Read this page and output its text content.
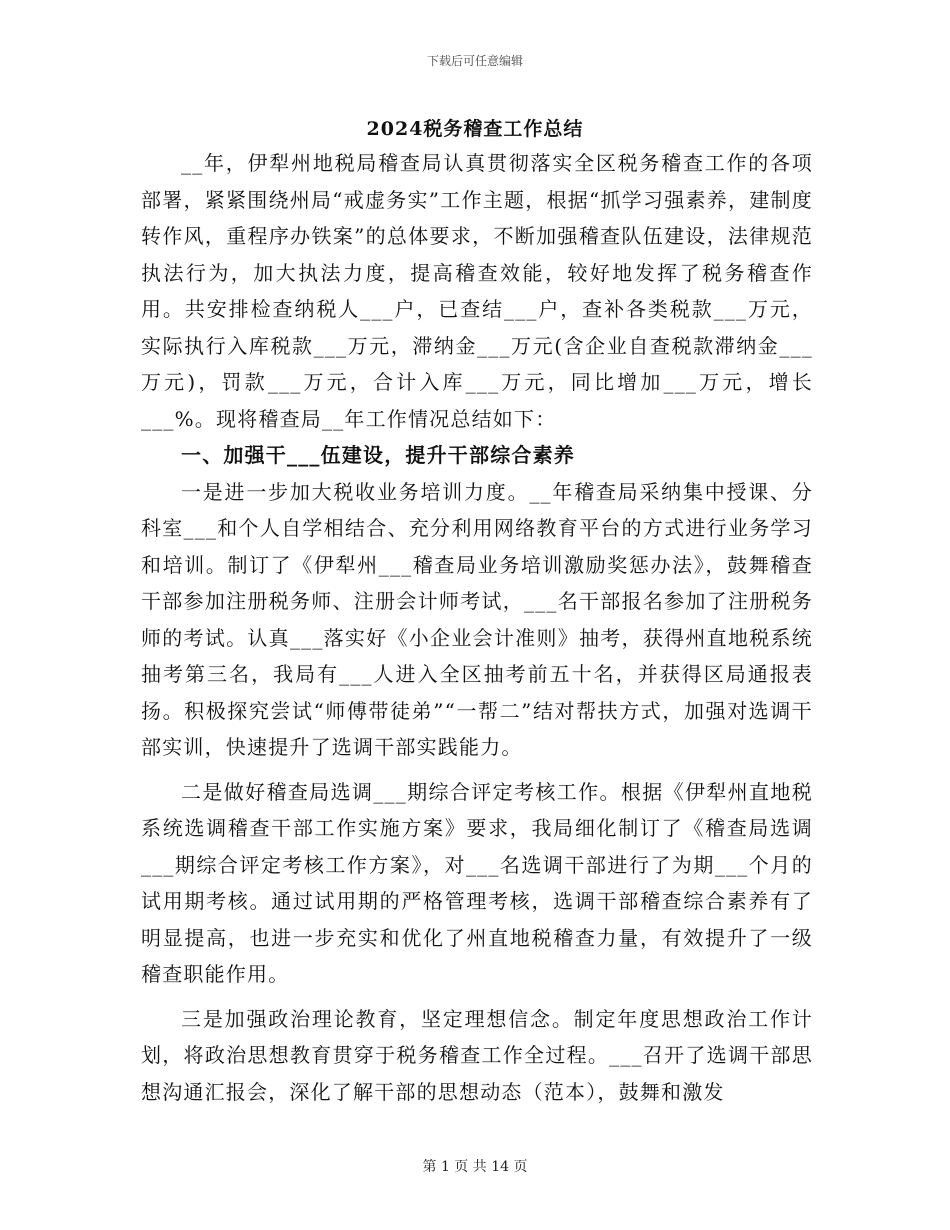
下载后可任意编辑
2024税务稽查工作总结

__年，伊犁州地税局稽查局认真贯彻落实全区税务稽查工作的各项部署，紧紧围绕州局“戒虚务实”工作主题，根据“抓学习强素养，建制度转作风，重程序办铁案”的总体要求，不断加强稽查队伍建设，法律规范执法行为，加大执法力度，提高稽查效能，较好地发挥了税务稽查作用。共安排检查纳税人___户，已查结___户，查补各类税款___万元，实际执行入库税款___万元，滞纳金___万元(含企业自查税款滞纳金___万元)，罚款___万元，合计入库___万元，同比增加___万元，增长___%。现将稽查局__年工作情况总结如下：

一、加强干___伍建设，提升干部综合素养

一是进一步加大税收业务培训力度。__年稽查局采纳集中授课、分科室___和个人自学相结合、充分利用网络教育平台的方式进行业务学习和培训。制订了《伊犁州___稽查局业务培训激励奖惩办法》，鼓舞稽查干部参加注册税务师、注册会计师考试，___名干部报名参加了注册税务师的考试。认真___落实好《小企业会计准则》抽考，获得州直地税系统抽考第三名，我局有___人进入全区抽考前五十名，并获得区局通报表扬。积极探究尝试“师傅带徒弟”“一帮二”结对帮扶方式，加强对选调干部实训，快速提升了选调干部实践能力。

二是做好稽查局选调___期综合评定考核工作。根据《伊犁州直地税系统选调稽查干部工作实施方案》要求，我局细化制订了《稽查局选调___期综合评定考核工作方案》，对___名选调干部进行了为期___个月的试用期考核。通过试用期的严格管理考核，选调干部稽查综合素养有了明显提高，也进一步充实和优化了州直地税稽查力量，有效提升了一级稽查职能作用。

三是加强政治理论教育，坚定理想信念。制定年度思想政治工作计划，将政治思想教育贯穿于税务稽查工作全过程。___召开了选调干部思想沟通汇报会，深化了解干部的思想动态（范本），鼓舞和激发

第 1 页 共 14 页
